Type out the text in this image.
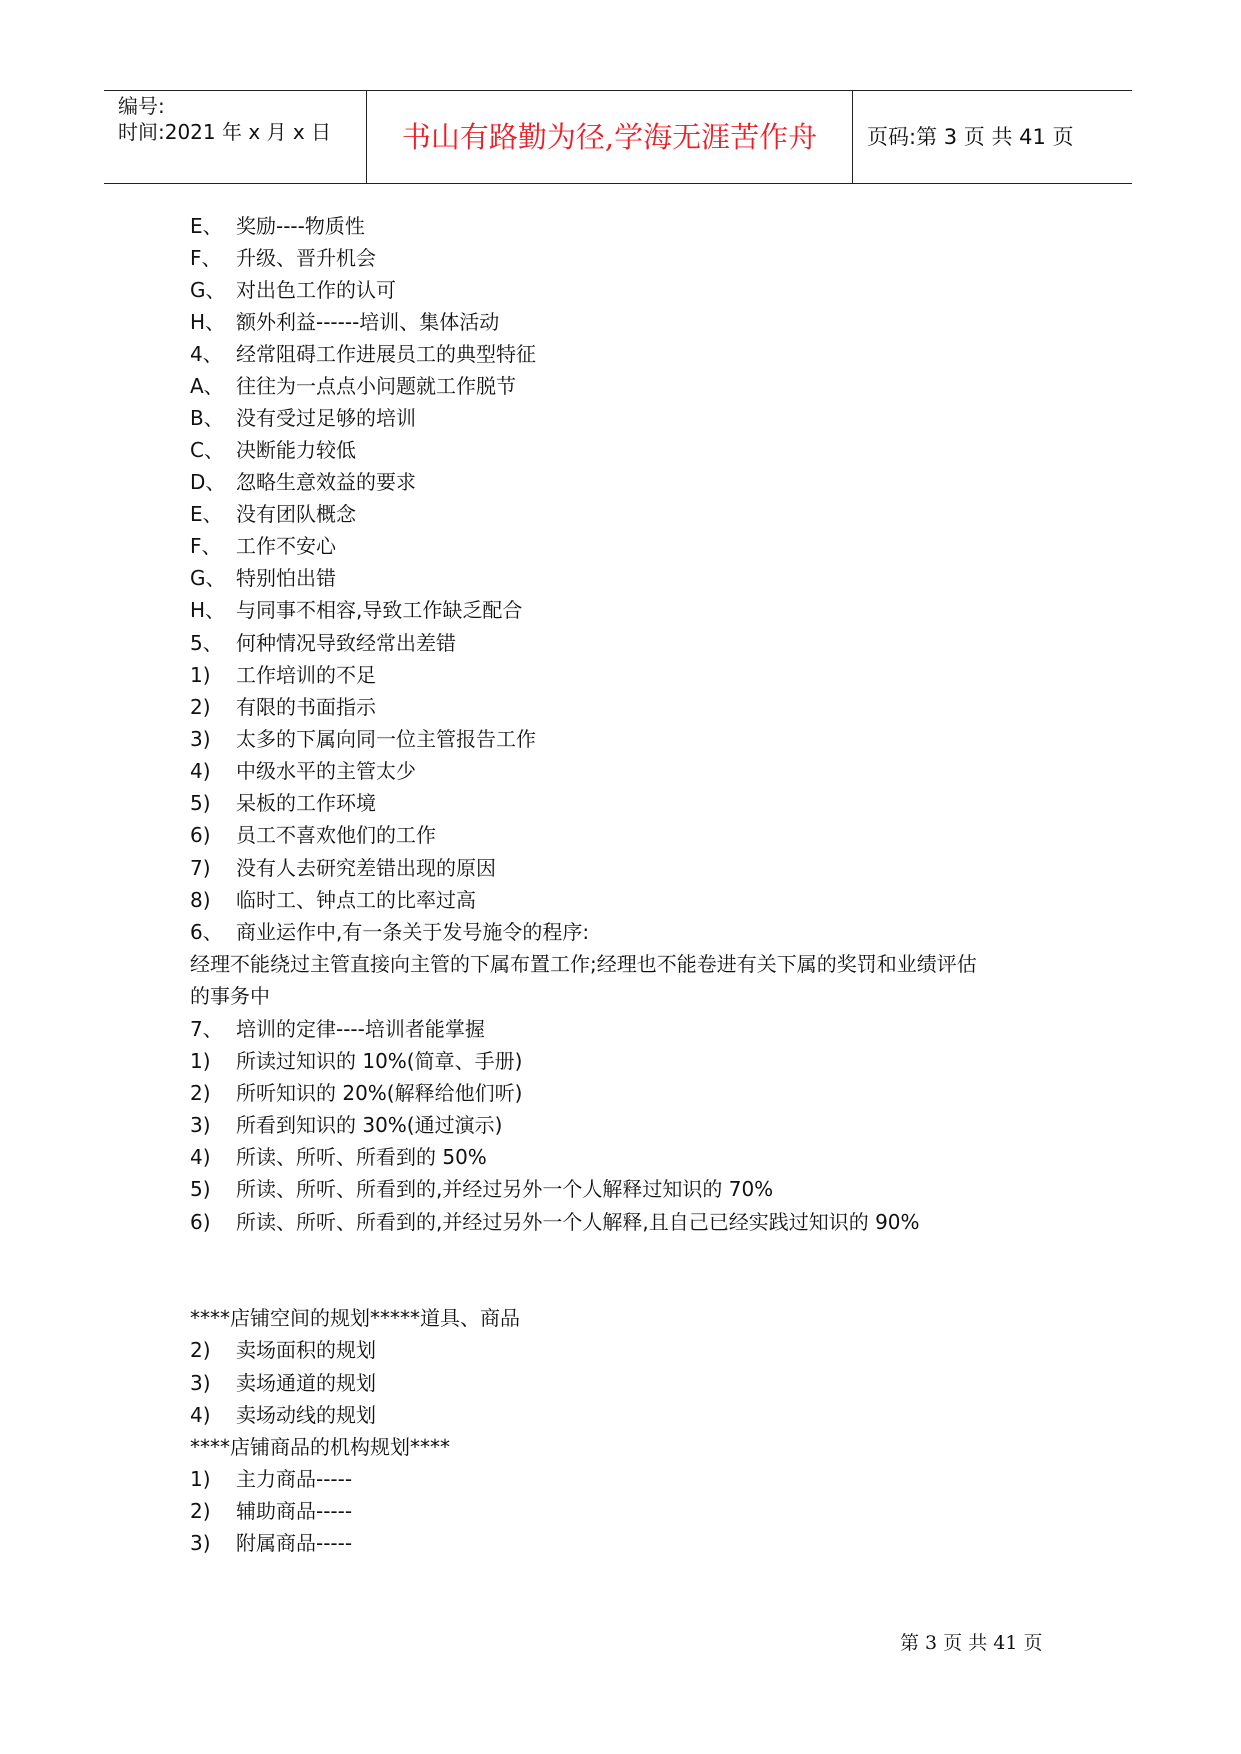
编号:
时间:2021 年 x 月 x 日	书山有路勤为径,学海无涯苦作舟	页码:第 3 页 共 41 页
E、 奖励----物质性
F、 升级、晋升机会
G、 对出色工作的认可
H、 额外利益------培训、集体活动
4、 经常阻碍工作进展员工的典型特征
A、 往往为一点点小问题就工作脱节
B、 没有受过足够的培训
C、 决断能力较低
D、 忽略生意效益的要求
E、 没有团队概念
F、 工作不安心
G、 特别怕出错
H、 与同事不相容,导致工作缺乏配合
5、 何种情况导致经常出差错
1) 工作培训的不足
2) 有限的书面指示
3) 太多的下属向同一位主管报告工作
4) 中级水平的主管太少
5) 呆板的工作环境
6) 员工不喜欢他们的工作
7) 没有人去研究差错出现的原因
8) 临时工、钟点工的比率过高
6、 商业运作中,有一条关于发号施令的程序:
经理不能绕过主管直接向主管的下属布置工作;经理也不能卷进有关下属的奖罚和业绩评估
的事务中
7、 培训的定律----培训者能掌握
1) 所读过知识的 10%(简章、手册)
2) 所听知识的 20%(解释给他们听)
3) 所看到知识的 30%(通过演示)
4) 所读、所听、所看到的 50%
5) 所读、所听、所看到的,并经过另外一个人解释过知识的 70%
6) 所读、所听、所看到的,并经过另外一个人解释,且自己已经实践过知识的 90%
****店铺空间的规划*****道具、商品
2) 卖场面积的规划
3) 卖场通道的规划
4) 卖场动线的规划
****店铺商品的机构规划****
1) 主力商品-----
2) 辅助商品-----
3) 附属商品-----
第 3 页 共 41 页
